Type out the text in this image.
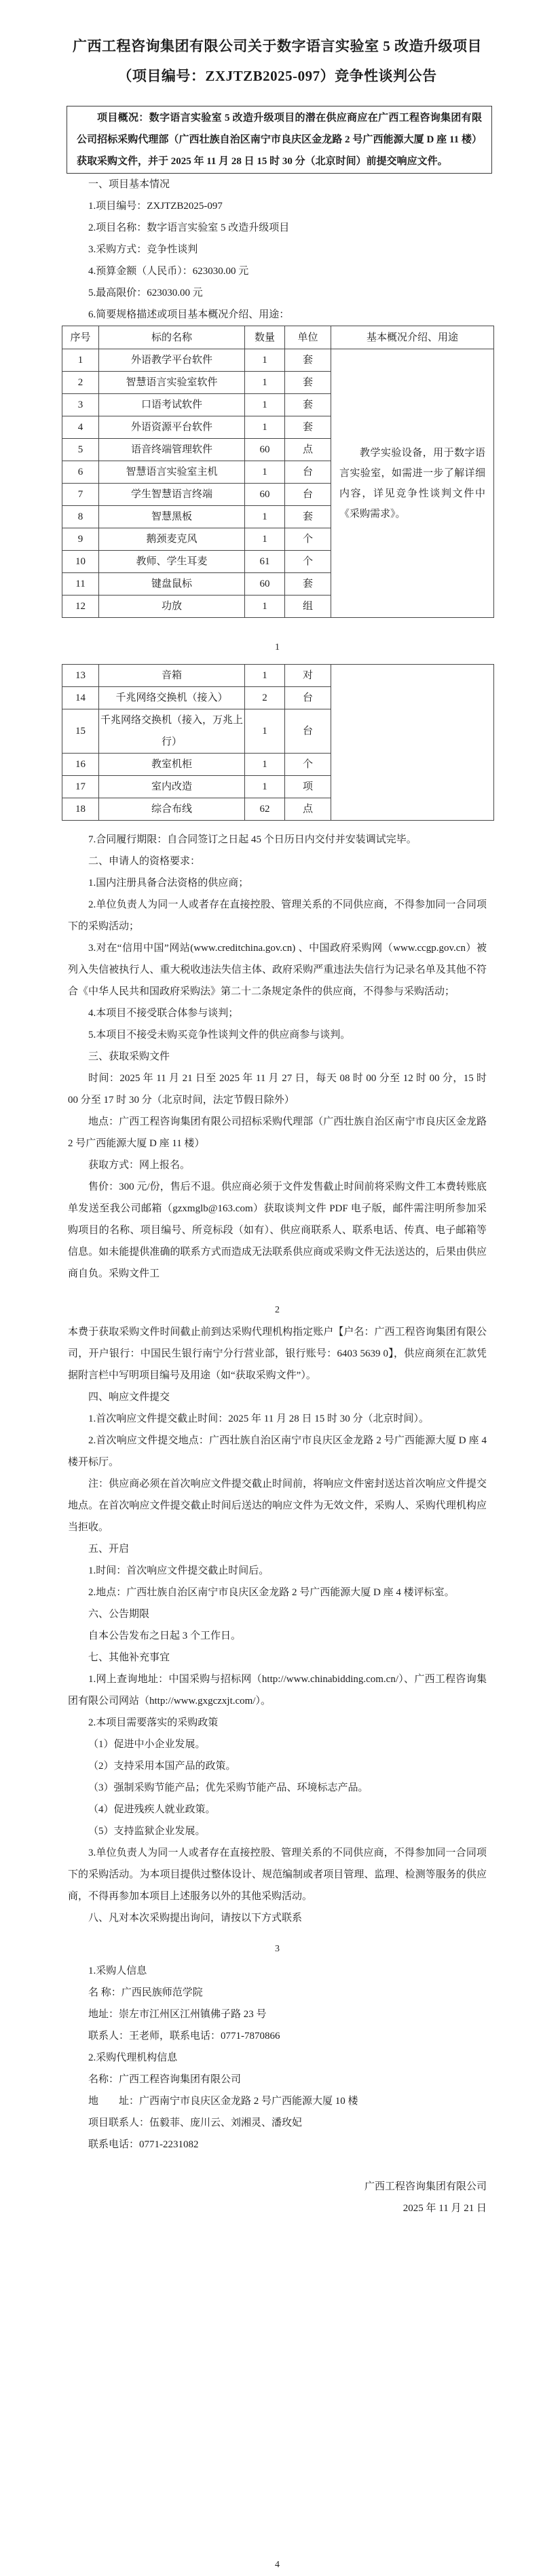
广西工程咨询集团有限公司关于数字语言实验室 5 改造升级项目
（项目编号：ZXJTZB2025-097）竞争性谈判公告

项目概况：数字语言实验室 5 改造升级项目的潜在供应商应在广西工程咨询集团有限公司招标采购代理部（广西壮族自治区南宁市良庆区金龙路 2 号广西能源大厦 D 座 11 楼）获取采购文件，并于 2025 年 11 月 28 日 15 时 30 分（北京时间）前提交响应文件。

一、项目基本情况
1.项目编号：ZXJTZB2025-097
2.项目名称：数字语言实验室 5 改造升级项目
3.采购方式：竞争性谈判
4.预算金额（人民币）：623030.00 元
5.最高限价：623030.00 元
6.简要规格描述或项目基本概况介绍、用途：
序号	标的名称	数量	单位	基本概况介绍、用途
1	外语教学平台软件	1	套	教学实验设备，用于数字语言实验室，如需进一步了解详细内容，详见竞争性谈判文件中《采购需求》。

2	智慧语言实验室软件	1	套	
3	口语考试软件	1	套	
4	外语资源平台软件	1	套	
5	语音终端管理软件	60	点	
6	智慧语言实验室主机	1	台	
7	学生智慧语言终端	60	台	
8	智慧黑板	1	套	
9	鹅颈麦克风	1	个	
10	教师、学生耳麦	61	个	
11	键盘鼠标	60	套	
12	功放	1	组	
1
13	音箱	1	对	

14	千兆网络交换机（接入）	2	台	
15	千兆网络交换机（接入，万兆上行）	1	台	
16	教室机柜	1	个	
17	室内改造	1	项	
18	综合布线	62	点	
7.合同履行期限：自合同签订之日起 45 个日历日内交付并安装调试完毕。
二、申请人的资格要求：
1.国内注册具备合法资格的供应商；
2.单位负责人为同一人或者存在直接控股、管理关系的不同供应商，不得参加同一合同项下的采购活动；
3.对在“信用中国”网站(www.creditchina.gov.cn) 、中国政府采购网（www.ccgp.gov.cn）被列入失信被执行人、重大税收违法失信主体、政府采购严重违法失信行为记录名单及其他不符合《中华人民共和国政府采购法》第二十二条规定条件的供应商，不得参与采购活动；
4.本项目不接受联合体参与谈判；
5.本项目不接受未购买竞争性谈判文件的供应商参与谈判。
三、获取采购文件
时间：2025 年 11 月 21 日至 2025 年 11 月 27 日，每天 08 时 00 分至 12 时 00 分，15 时 00 分至 17 时 30 分（北京时间，法定节假日除外）
地点：广西工程咨询集团有限公司招标采购代理部（广西壮族自治区南宁市良庆区金龙路 2 号广西能源大厦 D 座 11 楼）
获取方式：网上报名。
售价：300 元/份，售后不退。供应商必须于文件发售截止时间前将采购文件工本费转账底单发送至我公司邮箱（gzxmglb@163.com）获取谈判文件 PDF 电子版，邮件需注明所参加采购项目的名称、项目编号、所竞标段（如有）、供应商联系人、联系电话、传真、电子邮箱等信息。如未能提供准确的联系方式而造成无法联系供应商或采购文件无法送达的，后果由供应商自负。采购文件工
2
本费于获取采购文件时间截止前到达采购代理机构指定账户【户名：广西工程咨询集团有限公司，开户银行：中国民生银行南宁分行营业部，银行账号：6403 5639 0】，供应商须在汇款凭据附言栏中写明项目编号及用途（如“获取采购文件”）。
四、响应文件提交
1.首次响应文件提交截止时间：2025 年 11 月 28 日 15 时 30 分（北京时间）。
2.首次响应文件提交地点：广西壮族自治区南宁市良庆区金龙路 2 号广西能源大厦 D 座 4 楼开标厅。
注：供应商必须在首次响应文件提交截止时间前，将响应文件密封送达首次响应文件提交地点。在首次响应文件提交截止时间后送达的响应文件为无效文件，采购人、采购代理机构应当拒收。
五、开启
1.时间：首次响应文件提交截止时间后。
2.地点：广西壮族自治区南宁市良庆区金龙路 2 号广西能源大厦 D 座 4 楼评标室。
六、公告期限
自本公告发布之日起 3 个工作日。
七、其他补充事宜
1.网上查询地址：中国采购与招标网（http://www.chinabidding.com.cn/）、广西工程咨询集团有限公司网站（http://www.gxgczxjt.com/）。
2.本项目需要落实的采购政策
（1）促进中小企业发展。
（2）支持采用本国产品的政策。
（3）强制采购节能产品；优先采购节能产品、环境标志产品。
（4）促进残疾人就业政策。
（5）支持监狱企业发展。
3.单位负责人为同一人或者存在直接控股、管理关系的不同供应商，不得参加同一合同项下的采购活动。为本项目提供过整体设计、规范编制或者项目管理、监理、检测等服务的供应商，不得再参加本项目上述服务以外的其他采购活动。
八、凡对本次采购提出询问，请按以下方式联系
3
1.采购人信息
名 称：广西民族师范学院
地址：崇左市江州区江州镇佛子路 23 号
联系人：王老师，联系电话：0771-7870866
2.采购代理机构信息
名称：广西工程咨询集团有限公司
地　　址：广西南宁市良庆区金龙路 2 号广西能源大厦 10 楼
项目联系人：伍毅菲、庞川云、刘湘灵、潘玫妃
联系电话：0771-2231082
广西工程咨询集团有限公司
2025 年 11 月 21 日
4
